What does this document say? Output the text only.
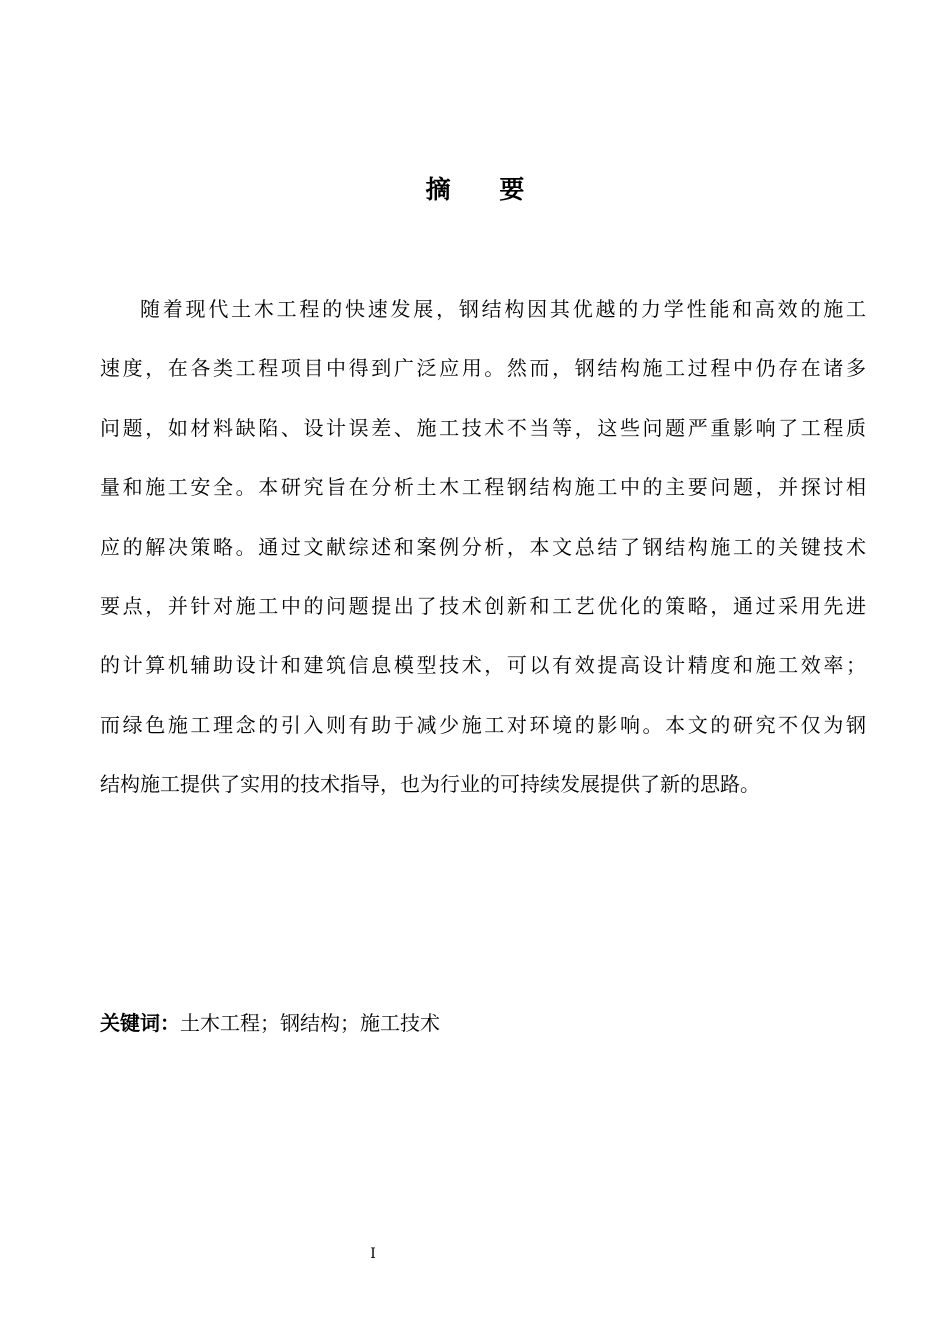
摘 要
随着现代土木工程的快速发展，钢结构因其优越的力学性能和高效的施工
速度，在各类工程项目中得到广泛应用。然而，钢结构施工过程中仍存在诸多
问题，如材料缺陷、设计误差、施工技术不当等，这些问题严重影响了工程质
量和施工安全。本研究旨在分析土木工程钢结构施工中的主要问题，并探讨相
应的解决策略。通过文献综述和案例分析，本文总结了钢结构施工的关键技术
要点，并针对施工中的问题提出了技术创新和工艺优化的策略，通过采用先进
的计算机辅助设计和建筑信息模型技术，可以有效提高设计精度和施工效率；
而绿色施工理念的引入则有助于减少施工对环境的影响。本文的研究不仅为钢
结构施工提供了实用的技术指导，也为行业的可持续发展提供了新的思路。
关键词：土木工程；钢结构；施工技术
I
